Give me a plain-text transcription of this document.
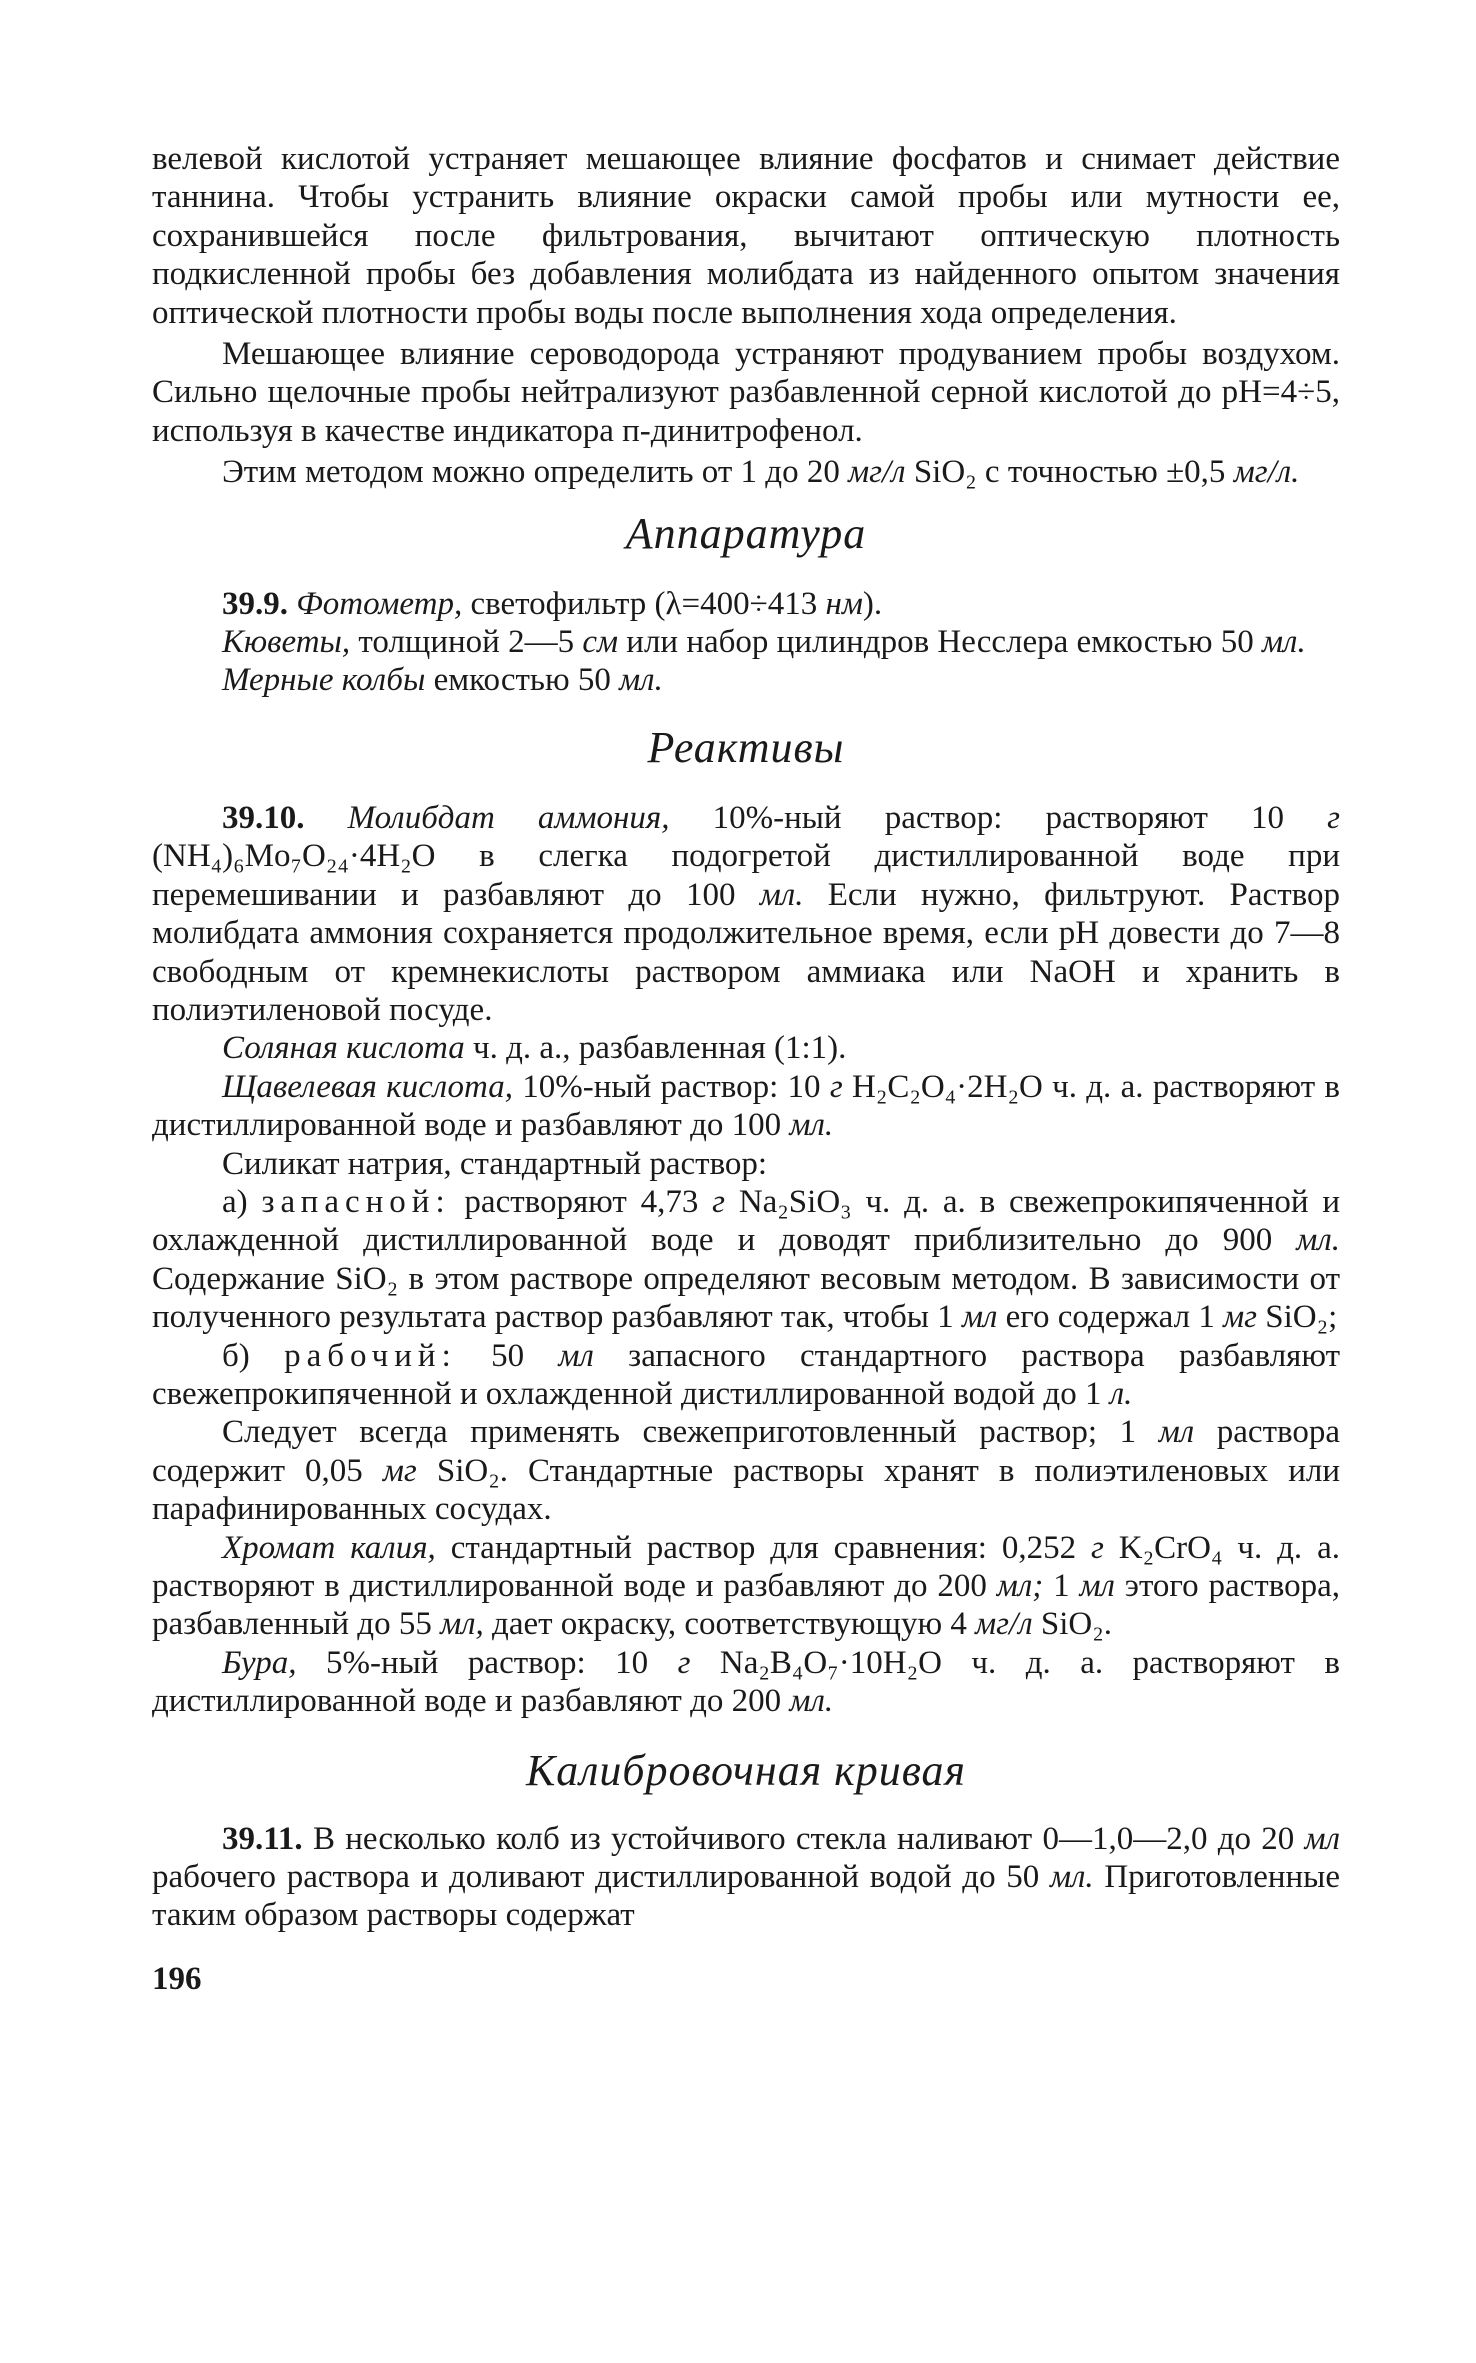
велевой кислотой устраняет мешающее влияние фосфатов и снимает действие таннина. Чтобы устранить влияние окраски самой пробы или мутности ее, сохранившейся после фильтрования, вычитают оптическую плотность подкисленной пробы без добавления молибдата из найденного опытом значения оптической плотности пробы воды после выполнения хода определения.

Мешающее влияние сероводорода устраняют продуванием пробы воздухом. Сильно щелочные пробы нейтрализуют разбавленной серной кислотой до pH=4÷5, используя в качестве индикатора п-динитрофенол.

Этим методом можно определить от 1 до 20 мг/л SiO₂ с точностью ±0,5 мг/л.

Аппаратура

39.9. Фотометр, светофильтр (λ=400÷413 нм).

Кюветы, толщиной 2—5 см или набор цилиндров Несслера емкостью 50 мл.

Мерные колбы емкостью 50 мл.

Реактивы

39.10. Молибдат аммония, 10%-ный раствор: растворяют 10 г (NH₄)₆Mo₇O₂₄·4H₂O в слегка подогретой дистиллированной воде при перемешивании и разбавляют до 100 мл. Если нужно, фильтруют. Раствор молибдата аммония сохраняется продолжительное время, если pH довести до 7—8 свободным от кремнекислоты раствором аммиака или NaOH и хранить в полиэтиленовой посуде.

Соляная кислота ч. д. а., разбавленная (1:1).

Щавелевая кислота, 10%-ный раствор: 10 г H₂C₂O₄·2H₂O ч. д. а. растворяют в дистиллированной воде и разбавляют до 100 мл.

Силикат натрия, стандартный раствор:

а) запасной: растворяют 4,73 г Na₂SiO₃ ч. д. а. в свежепрокипяченной и охлажденной дистиллированной воде и доводят приблизительно до 900 мл. Содержание SiO₂ в этом растворе определяют весовым методом. В зависимости от полученного результата раствор разбавляют так, чтобы 1 мл его содержал 1 мг SiO₂;

б) рабочий: 50 мл запасного стандартного раствора разбавляют свежепрокипяченной и охлажденной дистиллированной водой до 1 л.

Следует всегда применять свежеприготовленный раствор; 1 мл раствора содержит 0,05 мг SiO₂. Стандартные растворы хранят в полиэтиленовых или парафинированных сосудах.

Хромат калия, стандартный раствор для сравнения: 0,252 г K₂CrO₄ ч. д. а. растворяют в дистиллированной воде и разбавляют до 200 мл; 1 мл этого раствора, разбавленный до 55 мл, дает окраску, соответствующую 4 мг/л SiO₂.

Бура, 5%-ный раствор: 10 г Na₂B₄O₇·10H₂O ч. д. а. растворяют в дистиллированной воде и разбавляют до 200 мл.

Калибровочная кривая

39.11. В несколько колб из устойчивого стекла наливают 0—1,0—2,0 до 20 мл рабочего раствора и доливают дистиллированной водой до 50 мл. Приготовленные таким образом растворы содержат

196
